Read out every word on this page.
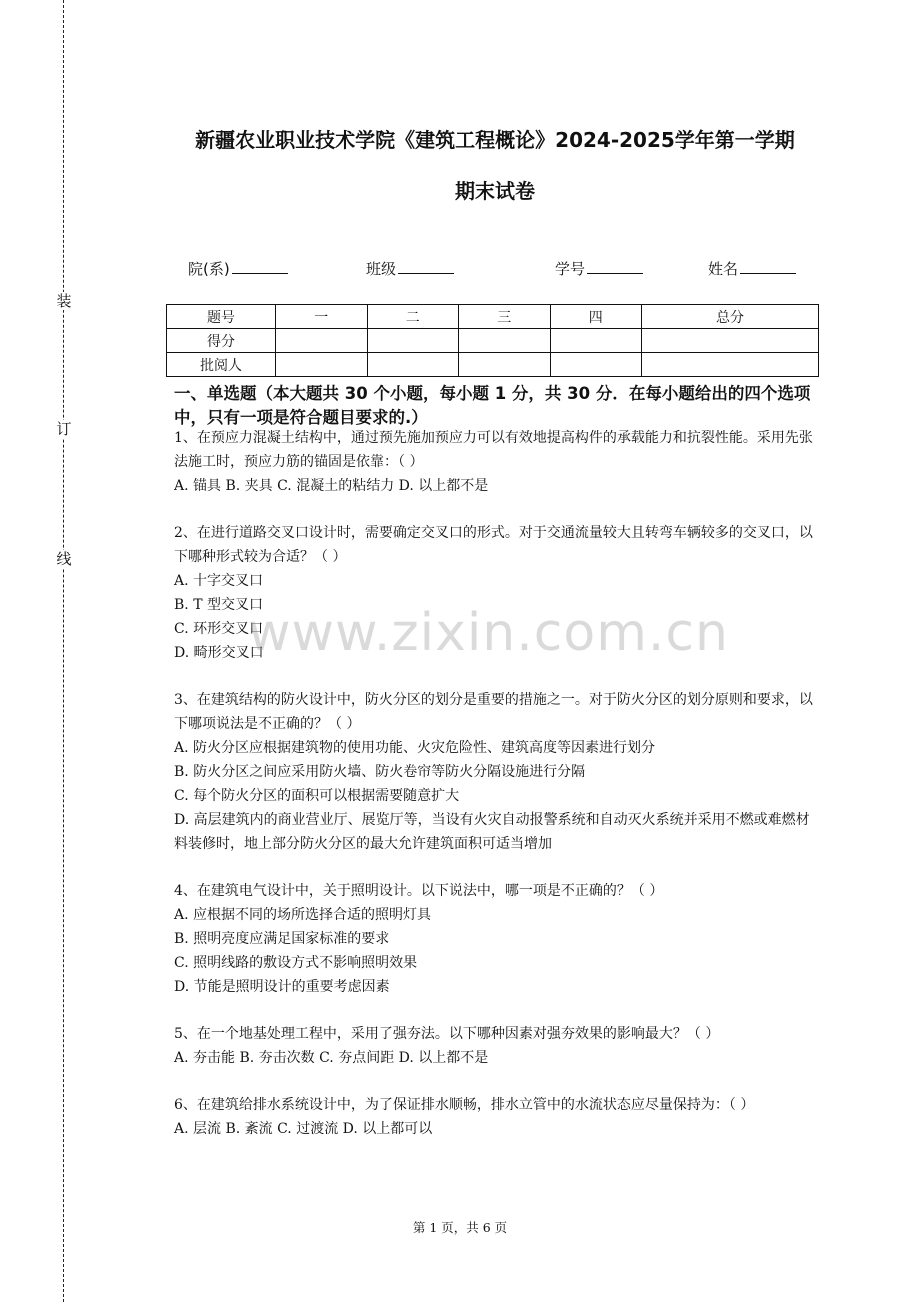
装
订
线
新疆农业职业技术学院《建筑工程概论》2024-2025学年第一学期
期末试卷
院(系)	班级	学号	姓名
题号	一	二	三	四	总分
得分					
批阅人					
一、单选题（本大题共 30 个小题，每小题 1 分，共 30 分．在每小题给出的四个选项中，只有一项是符合题目要求的.）

1、在预应力混凝土结构中，通过预先施加预应力可以有效地提高构件的承载能力和抗裂性能。采用先张法施工时，预应力筋的锚固是依靠：（ ）

A. 锚具 B. 夹具 C. 混凝土的粘结力 D. 以上都不是

2、在进行道路交叉口设计时，需要确定交叉口的形式。对于交通流量较大且转弯车辆较多的交叉口，以下哪种形式较为合适？（ ）

A. 十字交叉口

B. T 型交叉口

C. 环形交叉口

D. 畸形交叉口

3、在建筑结构的防火设计中，防火分区的划分是重要的措施之一。对于防火分区的划分原则和要求，以下哪项说法是不正确的？（ ）

A. 防火分区应根据建筑物的使用功能、火灾危险性、建筑高度等因素进行划分

B. 防火分区之间应采用防火墙、防火卷帘等防火分隔设施进行分隔

C. 每个防火分区的面积可以根据需要随意扩大

D. 高层建筑内的商业营业厅、展览厅等，当设有火灾自动报警系统和自动灭火系统并采用不燃或难燃材料装修时，地上部分防火分区的最大允许建筑面积可适当增加

4、在建筑电气设计中，关于照明设计。以下说法中，哪一项是不正确的？（ ）

A. 应根据不同的场所选择合适的照明灯具

B. 照明亮度应满足国家标准的要求

C. 照明线路的敷设方式不影响照明效果

D. 节能是照明设计的重要考虑因素

5、在一个地基处理工程中，采用了强夯法。以下哪种因素对强夯效果的影响最大？（ ）

A. 夯击能 B. 夯击次数 C. 夯点间距 D. 以上都不是

6、在建筑给排水系统设计中，为了保证排水顺畅，排水立管中的水流状态应尽量保持为：（ ）

A. 层流 B. 紊流 C. 过渡流 D. 以上都可以

www.zixin.com.cn
第 1 页，共 6 页
